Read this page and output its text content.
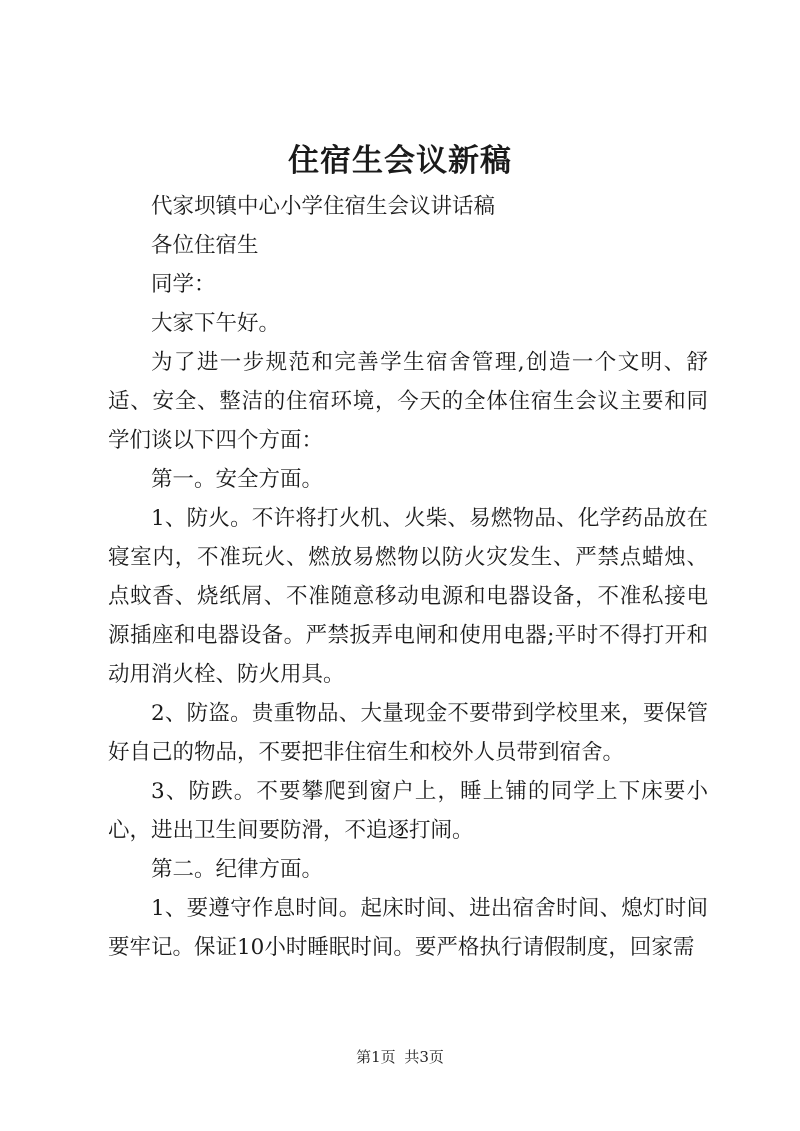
住宿生会议新稿

代家坝镇中心小学住宿生会议讲话稿

各位住宿生

同学：

大家下午好。

为了进一步规范和完善学生宿舍管理,创造一个文明、舒适、安全、整洁的住宿环境，今天的全体住宿生会议主要和同学们谈以下四个方面：

第一。安全方面。

1、防火。不许将打火机、火柴、易燃物品、化学药品放在寝室内，不准玩火、燃放易燃物以防火灾发生、严禁点蜡烛、点蚊香、烧纸屑、不准随意移动电源和电器设备，不准私接电源插座和电器设备。严禁扳弄电闸和使用电器;平时不得打开和动用消火栓、防火用具。

2、防盗。贵重物品、大量现金不要带到学校里来，要保管好自己的物品，不要把非住宿生和校外人员带到宿舍。

3、防跌。不要攀爬到窗户上，睡上铺的同学上下床要小心，进出卫生间要防滑，不追逐打闹。

第二。纪律方面。

1、要遵守作息时间。起床时间、进出宿舍时间、熄灯时间要牢记。保证10小时睡眠时间。要严格执行请假制度，回家需

第1页 共3页
